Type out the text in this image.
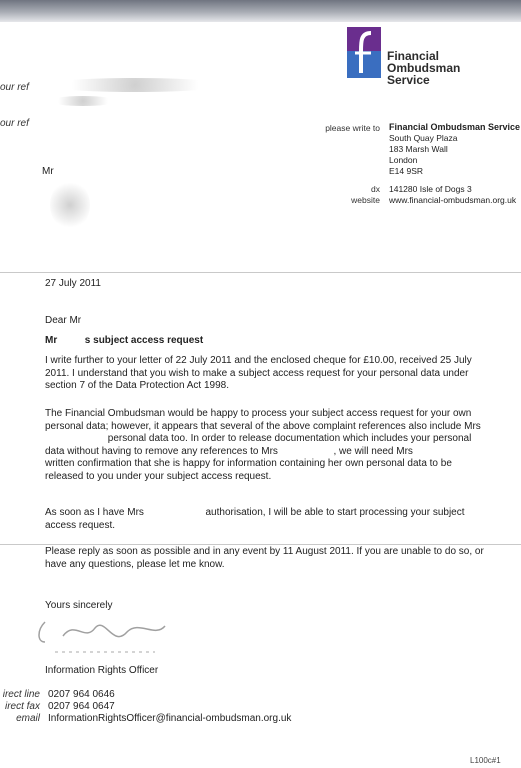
our ref
our ref
Financial
Ombudsman
Service
please write to Financial Ombudsman Service
South Quay Plaza
183 Marsh Wall
London
E14 9SR
dx 141280 Isle of Dogs 3
website www.financial-ombudsman.org.uk
Mr
27 July 2011
Dear Mr
Mr	s subject access request
I write further to your letter of 22 July 2011 and the enclosed cheque for £10.00, received 25 July 2011. I understand that you wish to make a subject access request for your personal data under section 7 of the Data Protection Act 1998.
The Financial Ombudsman would be happy to process your subject access request for your own personal data; however, it appears that several of the above complaint references also include Mrs  personal data too. In order to release documentation which includes your personal data without having to remove any references to Mrs	, we will need Mrs  written confirmation that she is happy for information containing her own personal data to be released to you under your subject access request.
As soon as I have Mrs	authorisation, I will be able to start processing your subject access request.
Please reply as soon as possible and in any event by 11 August 2011. If you are unable to do so, or have any questions, please let me know.
Yours sincerely
Information Rights Officer
irect line 0207 964 0646
irect fax 0207 964 0647
email InformationRightsOfficer@financial-ombudsman.org.uk
L100c#1
